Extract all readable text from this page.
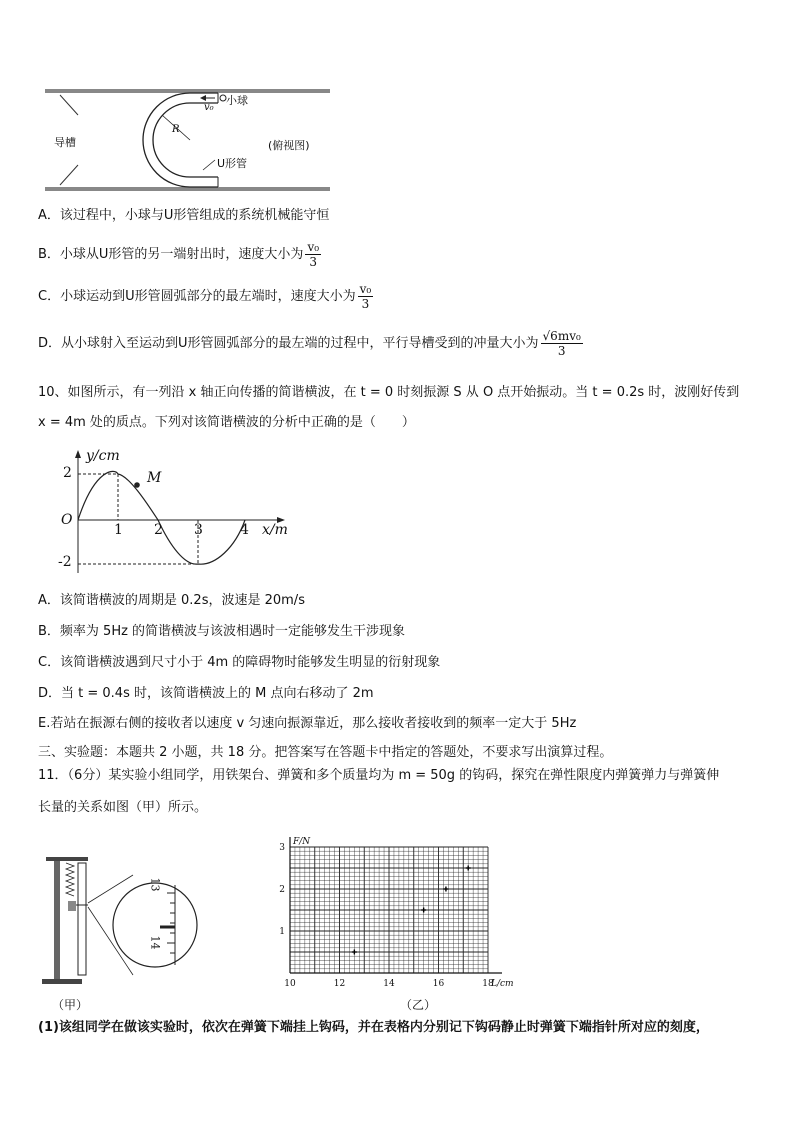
小球
v₀
R
导槽
U形管
(俯视图)
A．该过程中，小球与U形管组成的系统机械能守恒
B．小球从U形管的另一端射出时，速度大小为 $\frac{\text{v₀}}{3}$
C．小球运动到U形管圆弧部分的最左端时，速度大小为 $\frac{\text{v₀}}{3}$
D．从小球射入至运动到U形管圆弧部分的最左端的过程中，平行导槽受到的冲量大小为 $\frac{\text{√6mv₀}}{3}$
10、如图所示，有一列沿 x 轴正向传播的简谐横波，在 t = 0 时刻振源 S 从 O 点开始振动。当 t = 0.2s 时，波刚好传到
x = 4m 处的质点。下列对该简谐横波的分析中正确的是（　　）
y/cm
x/m
O
M
2
-2
1 2 3	4
A．该简谐横波的周期是 0.2s，波速是 20m/s
B．频率为 5Hz 的简谐横波与该波相遇时一定能够发生干涉现象
C．该简谐横波遇到尺寸小于 4m 的障碍物时能够发生明显的衍射现象
D．当 t = 0.4s 时，该简谐横波上的 M 点向右移动了 2m
E.若站在振源右侧的接收者以速度 v 匀速向振源靠近，那么接收者接收到的频率一定大于 5Hz
三、实验题：本题共 2 小题，共 18 分。把答案写在答题卡中指定的答题处，不要求写出演算过程。
11．（6分）某实验小组同学，用铁架台、弹簧和多个质量均为 m = 50g 的钩码，探究在弹性限度内弹簧弹力与弹簧伸
长量的关系如图（甲）所示。
13
14
（甲）
10	12	14	16	18
1
2
3
L/cm
F/N
（乙）
(1)该组同学在做该实验时，依次在弹簧下端挂上钩码，并在表格内分别记下钩码静止时弹簧下端指针所对应的刻度，
